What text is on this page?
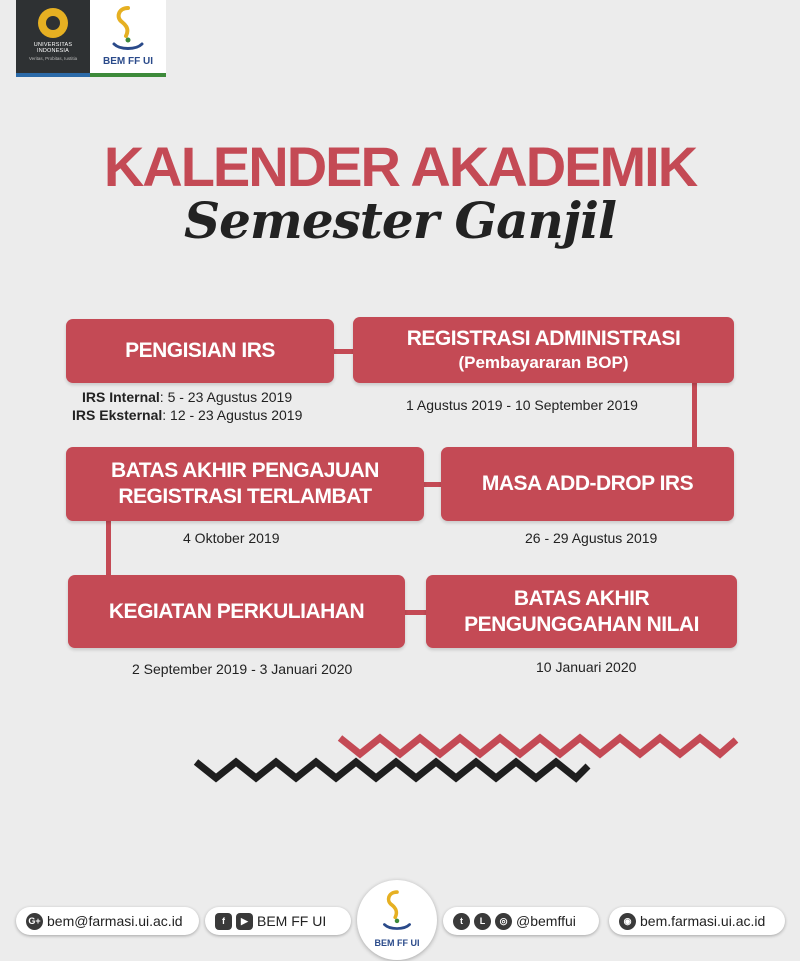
UNIVERSITAS
INDONESIA
Veritas, Probitas, Iustitia	BEM FF UI
KALENDER AKADEMIK
Semester Ganjil
PENGISIAN IRS
IRS Internal: 5 - 23 Agustus 2019
IRS Eksternal: 12 - 23 Agustus 2019
REGISTRASI ADMINISTRASI
(Pembayararan BOP)
1 Agustus 2019 - 10 September 2019
BATAS AKHIR PENGAJUAN
REGISTRASI TERLAMBAT
4 Oktober 2019
MASA ADD-DROP IRS
26 - 29 Agustus 2019
KEGIATAN PERKULIAHAN
2 September 2019 - 3 Januari 2020
BATAS AKHIR
PENGUNGGAHAN NILAI
10 Januari 2020
G+ bem@farmasi.ui.ac.id	f	▶ BEM FF UI
BEM FF UI
t	L	◎ @bemffui	◉ bem.farmasi.ui.ac.id
